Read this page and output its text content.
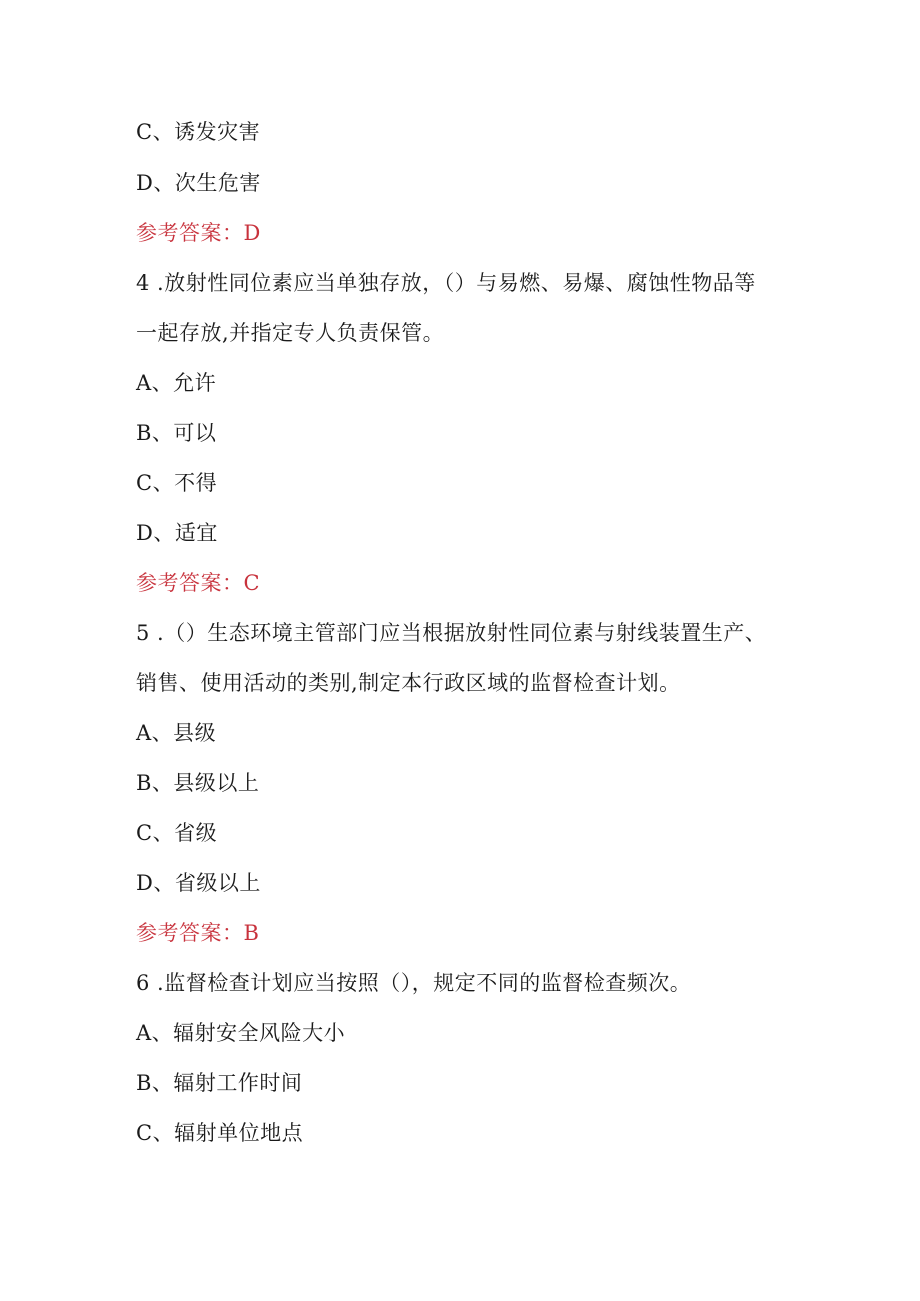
C、诱发灾害
D、次生危害
参考答案：D
4 .放射性同位素应当单独存放，（）与易燃、易爆、腐蚀性物品等
一起存放,并指定专人负责保管。
A、允许
B、可以
C、不得
D、适宜
参考答案：C
5 .（）生态环境主管部门应当根据放射性同位素与射线装置生产、
销售、使用活动的类别,制定本行政区域的监督检查计划。
A、县级
B、县级以上
C、省级
D、省级以上
参考答案：B
6 .监督检查计划应当按照（），规定不同的监督检查频次。
A、辐射安全风险大小
B、辐射工作时间
C、辐射单位地点
